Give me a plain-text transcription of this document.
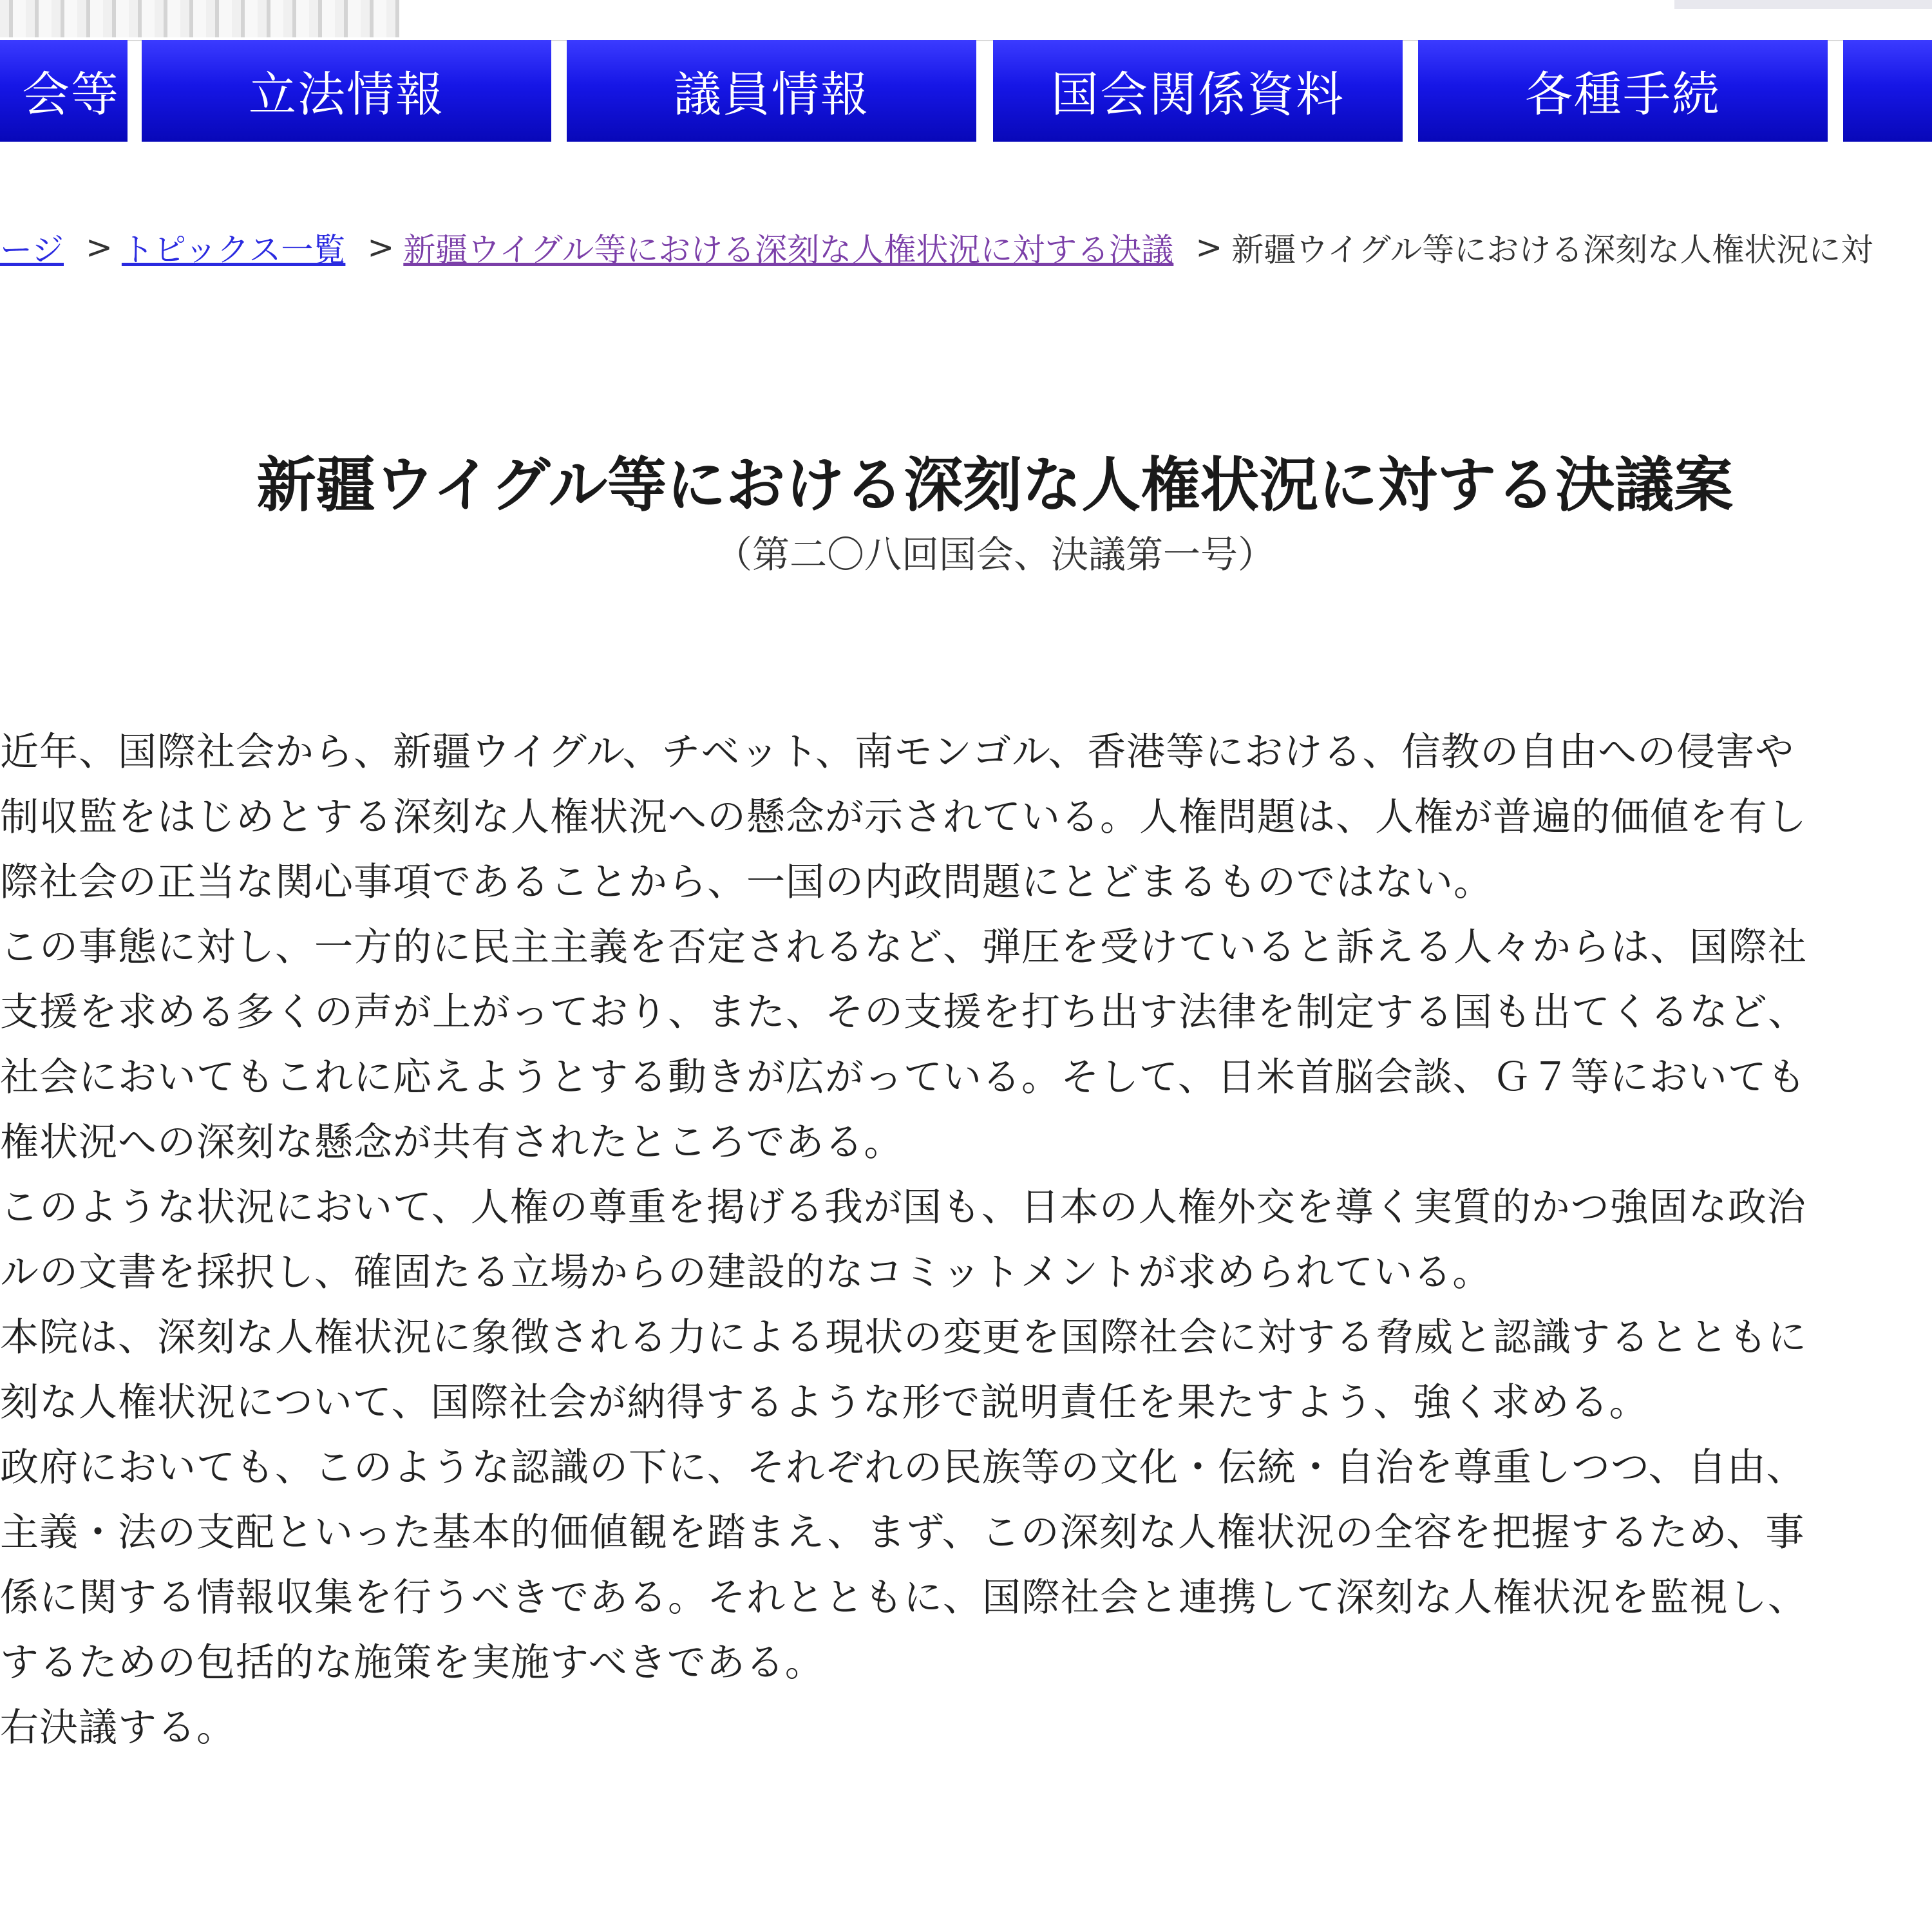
会等	立法情報	議員情報	国会関係資料	各種手続
ージ > トピックス一覧 > 新疆ウイグル等における深刻な人権状況に対する決議 > 新疆ウイグル等における深刻な人権状況に対
新疆ウイグル等における深刻な人権状況に対する決議案
（第二〇八回国会、決議第一号）
近年、国際社会から、新疆ウイグル、チベット、南モンゴル、香港等における、信教の自由への侵害や
制収監をはじめとする深刻な人権状況への懸念が示されている。人権問題は、人権が普遍的価値を有し
際社会の正当な関心事項であることから、一国の内政問題にとどまるものではない。
この事態に対し、一方的に民主主義を否定されるなど、弾圧を受けていると訴える人々からは、国際社
支援を求める多くの声が上がっており、また、その支援を打ち出す法律を制定する国も出てくるなど、
社会においてもこれに応えようとする動きが広がっている。そして、日米首脳会談、Ｇ７等においても
権状況への深刻な懸念が共有されたところである。
このような状況において、人権の尊重を掲げる我が国も、日本の人権外交を導く実質的かつ強固な政治
ルの文書を採択し、確固たる立場からの建設的なコミットメントが求められている。
本院は、深刻な人権状況に象徴される力による現状の変更を国際社会に対する脅威と認識するとともに
刻な人権状況について、国際社会が納得するような形で説明責任を果たすよう、強く求める。
政府においても、このような認識の下に、それぞれの民族等の文化・伝統・自治を尊重しつつ、自由、
主義・法の支配といった基本的価値観を踏まえ、まず、この深刻な人権状況の全容を把握するため、事
係に関する情報収集を行うべきである。それとともに、国際社会と連携して深刻な人権状況を監視し、
するための包括的な施策を実施すべきである。
右決議する。
